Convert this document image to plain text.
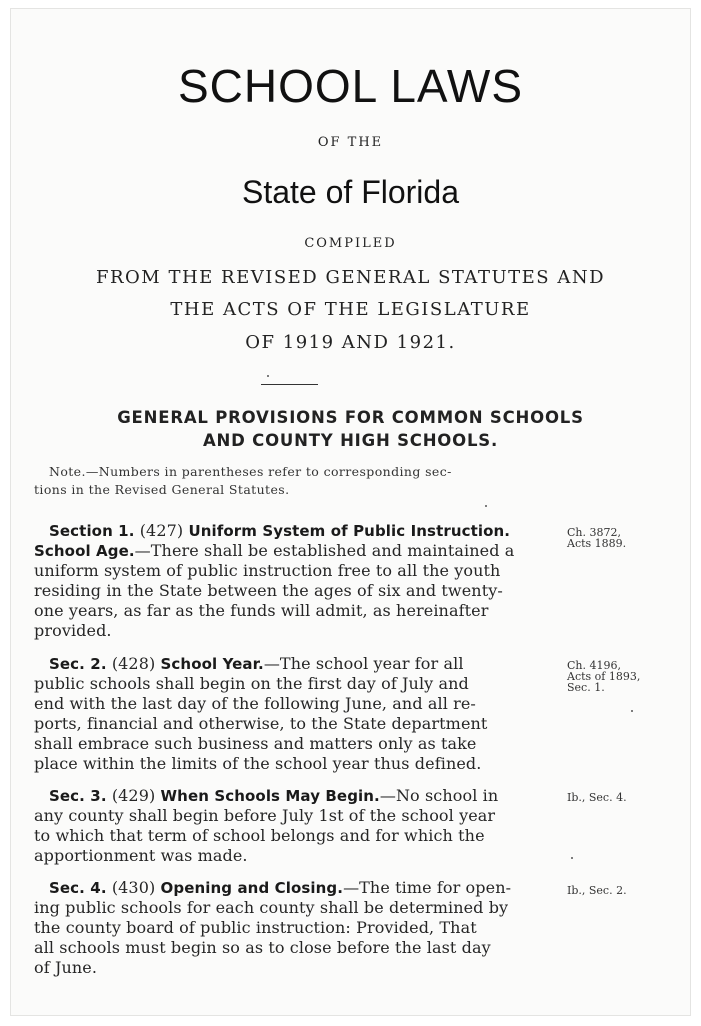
SCHOOL LAWS
OF THE
State of Florida
COMPILED
FROM THE REVISED GENERAL STATUTES AND
THE ACTS OF THE LEGISLATURE
OF 1919 AND 1921.
GENERAL PROVISIONS FOR COMMON SCHOOLS
AND COUNTY HIGH SCHOOLS.
Note.—Numbers in parentheses refer to corresponding sec-
tions in the Revised General Statutes.
Section 1. (427) Uniform System of Public Instruction.
School Age.—There shall be established and maintained a
uniform system of public instruction free to all the youth
residing in the State between the ages of six and twenty-
one years, as far as the funds will admit, as hereinafter
provided.
Ch. 3872,
Acts 1889.
Sec. 2. (428) School Year.—The school year for all
public schools shall begin on the first day of July and
end with the last day of the following June, and all re-
ports, financial and otherwise, to the State department
shall embrace such business and matters only as take
place within the limits of the school year thus defined.
Ch. 4196,
Acts of 1893,
Sec. 1.
Sec. 3. (429) When Schools May Begin.—No school in
any county shall begin before July 1st of the school year
to which that term of school belongs and for which the
apportionment was made.
Ib., Sec. 4.
Sec. 4. (430) Opening and Closing.—The time for open-
ing public schools for each county shall be determined by
the county board of public instruction: Provided, That
all schools must begin so as to close before the last day
of June.
Ib., Sec. 2.
